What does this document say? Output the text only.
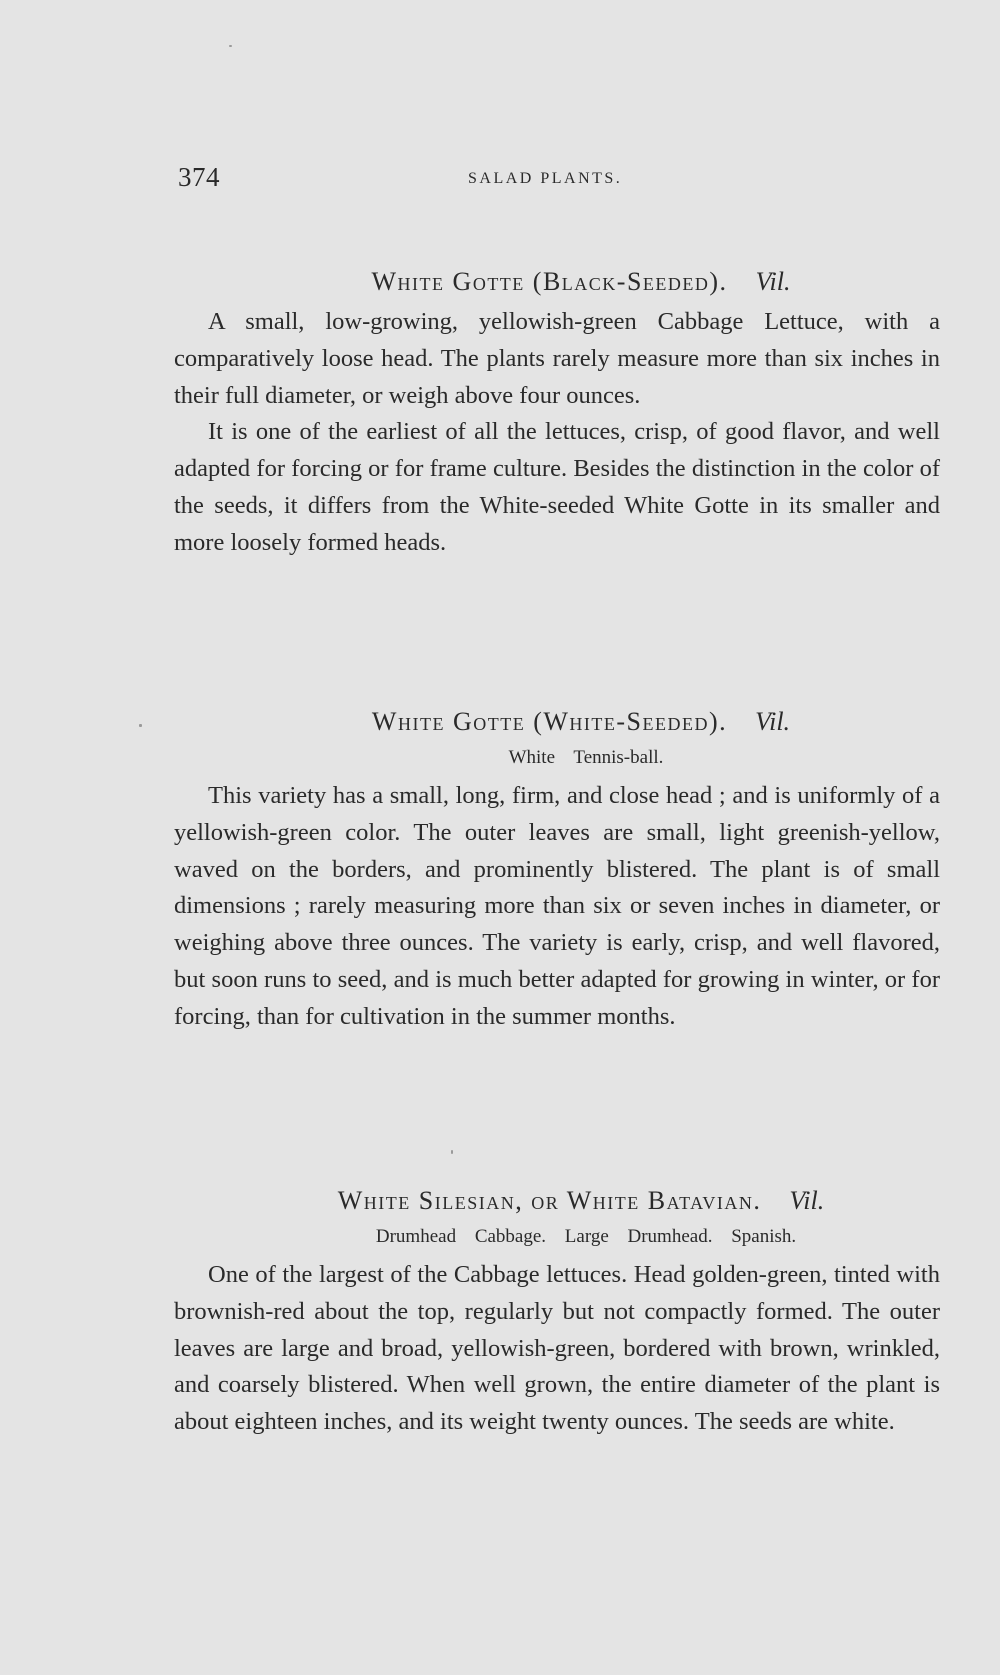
374	SALAD PLANTS.
White Gotte (Black-Seeded). Vil.

A small, low-growing, yellowish-green Cabbage Lettuce, with a comparatively loose head. The plants rarely measure more than six inches in their full diameter, or weigh above four ounces.

It is one of the earliest of all the lettuces, crisp, of good flavor, and well adapted for forcing or for frame culture. Besides the distinction in the color of the seeds, it differs from the White-seeded White Gotte in its smaller and more loosely formed heads.

White Gotte (White-Seeded). Vil.

White Tennis-ball.

This variety has a small, long, firm, and close head ; and is uniformly of a yellowish-green color. The outer leaves are small, light greenish-yellow, waved on the borders, and prominently blistered. The plant is of small dimensions ; rarely measuring more than six or seven inches in diameter, or weighing above three ounces. The variety is early, crisp, and well flavored, but soon runs to seed, and is much better adapted for growing in winter, or for forcing, than for cultivation in the summer months.

White Silesian, or White Batavian. Vil.

Drumhead Cabbage. Large Drumhead. Spanish.

One of the largest of the Cabbage lettuces. Head golden-green, tinted with brownish-red about the top, regularly but not compactly formed. The outer leaves are large and broad, yellowish-green, bordered with brown, wrinkled, and coarsely blistered. When well grown, the entire diameter of the plant is about eighteen inches, and its weight twenty ounces. The seeds are white.
